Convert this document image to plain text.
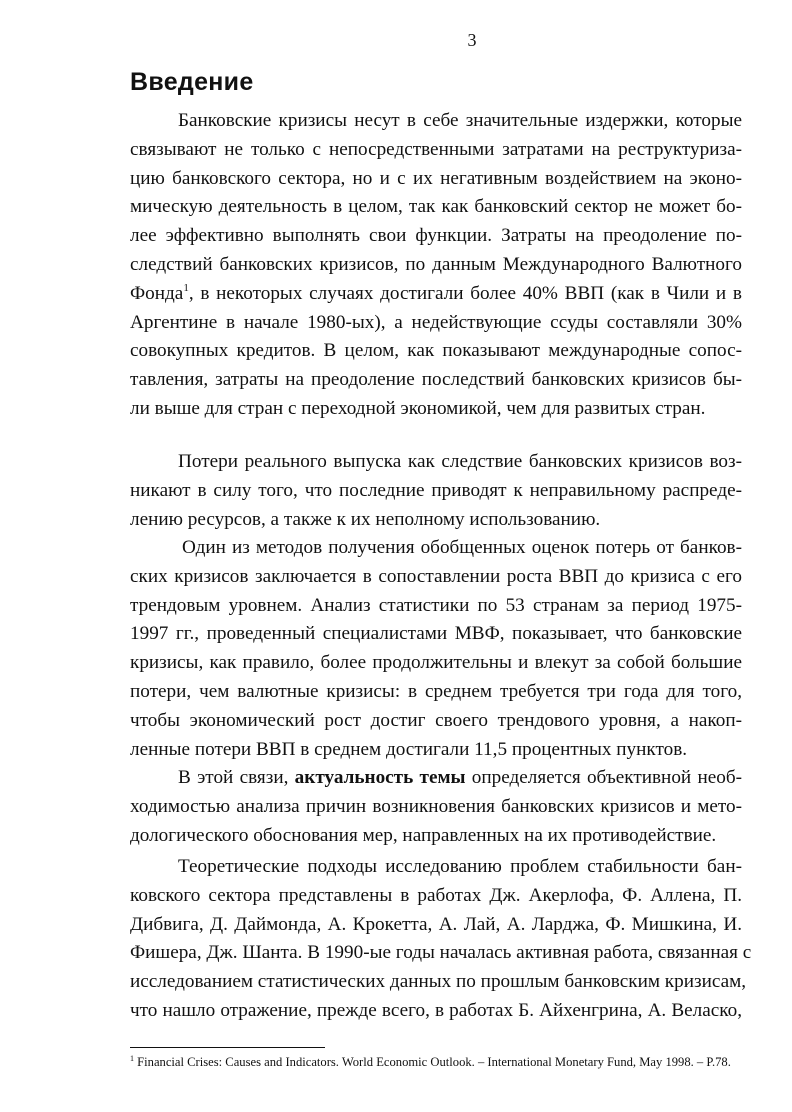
3
Введение
Банковские кризисы несут в себе значительные издержки, которые
связывают не только с непосредственными затратами на реструктуриза-
цию банковского сектора, но и с их негативным воздействием на эконо-
мическую деятельность в целом, так как банковский сектор не может бо-
лее эффективно выполнять свои функции. Затраты на преодоление по-
следствий банковских кризисов, по данным Международного Валютного
Фонда$^1$, в некоторых случаях достигали более 40% ВВП (как в Чили и в
Аргентине в начале 1980-ых), а недействующие ссуды составляли 30%
совокупных кредитов. В целом, как показывают международные сопос-
тавления, затраты на преодоление последствий банковских кризисов бы-
ли выше для стран с переходной экономикой, чем для развитых стран.
Потери реального выпуска как следствие банковских кризисов воз-
никают в силу того, что последние приводят к неправильному распреде-
лению ресурсов, а также к их неполному использованию.
Один из методов получения обобщенных оценок потерь от банков-
ских кризисов заключается в сопоставлении роста ВВП до кризиса с его
трендовым уровнем. Анализ статистики по 53 странам за период 1975-
1997 гг., проведенный специалистами МВФ, показывает, что банковские
кризисы, как правило, более продолжительны и влекут за собой большие
потери, чем валютные кризисы: в среднем требуется три года для того,
чтобы экономический рост достиг своего трендового уровня, а накоп-
ленные потери ВВП в среднем достигали 11,5 процентных пунктов.
В этой связи, актуальность темы определяется объективной необ-
ходимостью анализа причин возникновения банковских кризисов и мето-
дологического обоснования мер, направленных на их противодействие.
Теоретические подходы исследованию проблем стабильности бан-
ковского сектора представлены в работах Дж. Акерлофа, Ф. Аллена, П.
Дибвига, Д. Даймонда, А. Крокетта, А. Лай, А. Ларджа, Ф. Мишкина, И.
Фишера, Дж. Шанта. В 1990-ые годы началась активная работа, связанная с
исследованием статистических данных по прошлым банковским кризисам,
что нашло отражение, прежде всего, в работах Б. Айхенгрина, А. Веласко,
$^1$ Financial Crises: Causes and Indicators. World Economic Outlook. – International Monetary Fund, May 1998. – P.78.
